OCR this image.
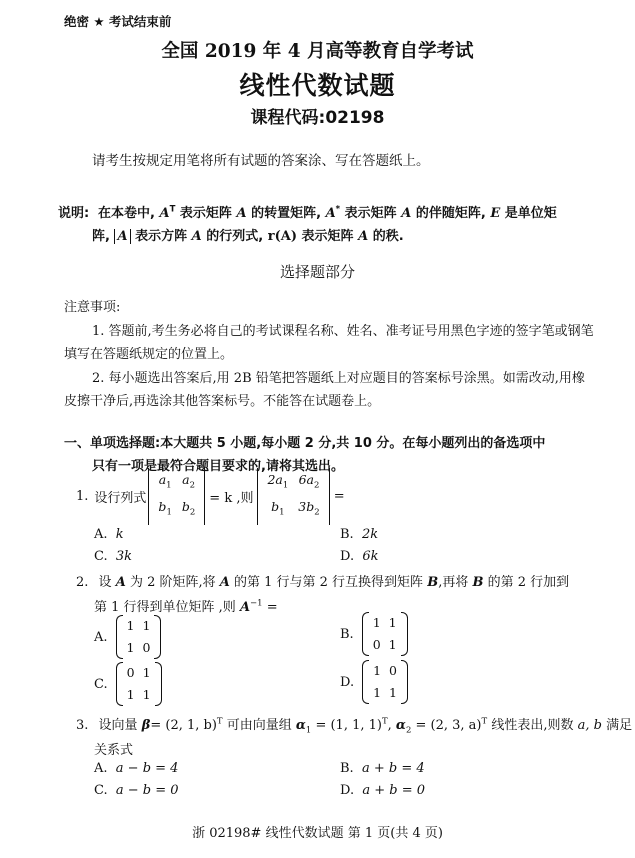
绝密 ★ 考试结束前
全国 2019 年 4 月高等教育自学考试
线性代数试题
课程代码:02198
请考生按规定用笔将所有试题的答案涂、写在答题纸上。
说明: 在本卷中, $A^T$ 表示矩阵 A 的转置矩阵, A* 表示矩阵 A 的伴随矩阵, E 是单位矩
阵, A 表示方阵 A 的行列式, r(A) 表示矩阵 A 的秩.
选择题部分
注意事项:
1. 答题前,考生务必将自己的考试课程名称、姓名、准考证号用黑色字迹的签字笔或钢笔
填写在答题纸规定的位置上。
2. 每小题选出答案后,用 2B 铅笔把答题纸上对应题目的答案标号涂黑。如需改动,用橡
皮擦干净后,再选涂其他答案标号。不能答在试题卷上。
一、单项选择题:本大题共 5 小题,每小题 2 分,共 10 分。在每小题列出的备选项中
只有一项是最符合题目要求的,请将其选出。
1. 设行列式
$a_1$	$a_2$
$b_1$	$b_2$
= k ,则
$2a_1$	$6a_2$
$b_1$	$3b_2$
=
A. k	B. 2k
C. 3k	D. 6k
2. 设 A 为 2 阶矩阵,将 A 的第 1 行与第 2 行互换得到矩阵 B,再将 B 的第 2 行加到
第 1 行得到单位矩阵 ,则 $A^{-1}$ =
A.
1	1
1	0
B.
1	1
0	1
C.
0	1
1	1
D.
1	0
1	1
3. 设向量 β= (2, 1, b)$^T$ 可由向量组 $\alpha_1 = (1$, 1, 1)$^T$, $\alpha_2 = (2$, 3, a)$^T$ 线性表出,则数 a, b 满足
关系式
A. a − b = 4	B. a + b = 4
C. a − b = 0	D. a + b = 0
浙 02198# 线性代数试题 第 1 页(共 4 页)
